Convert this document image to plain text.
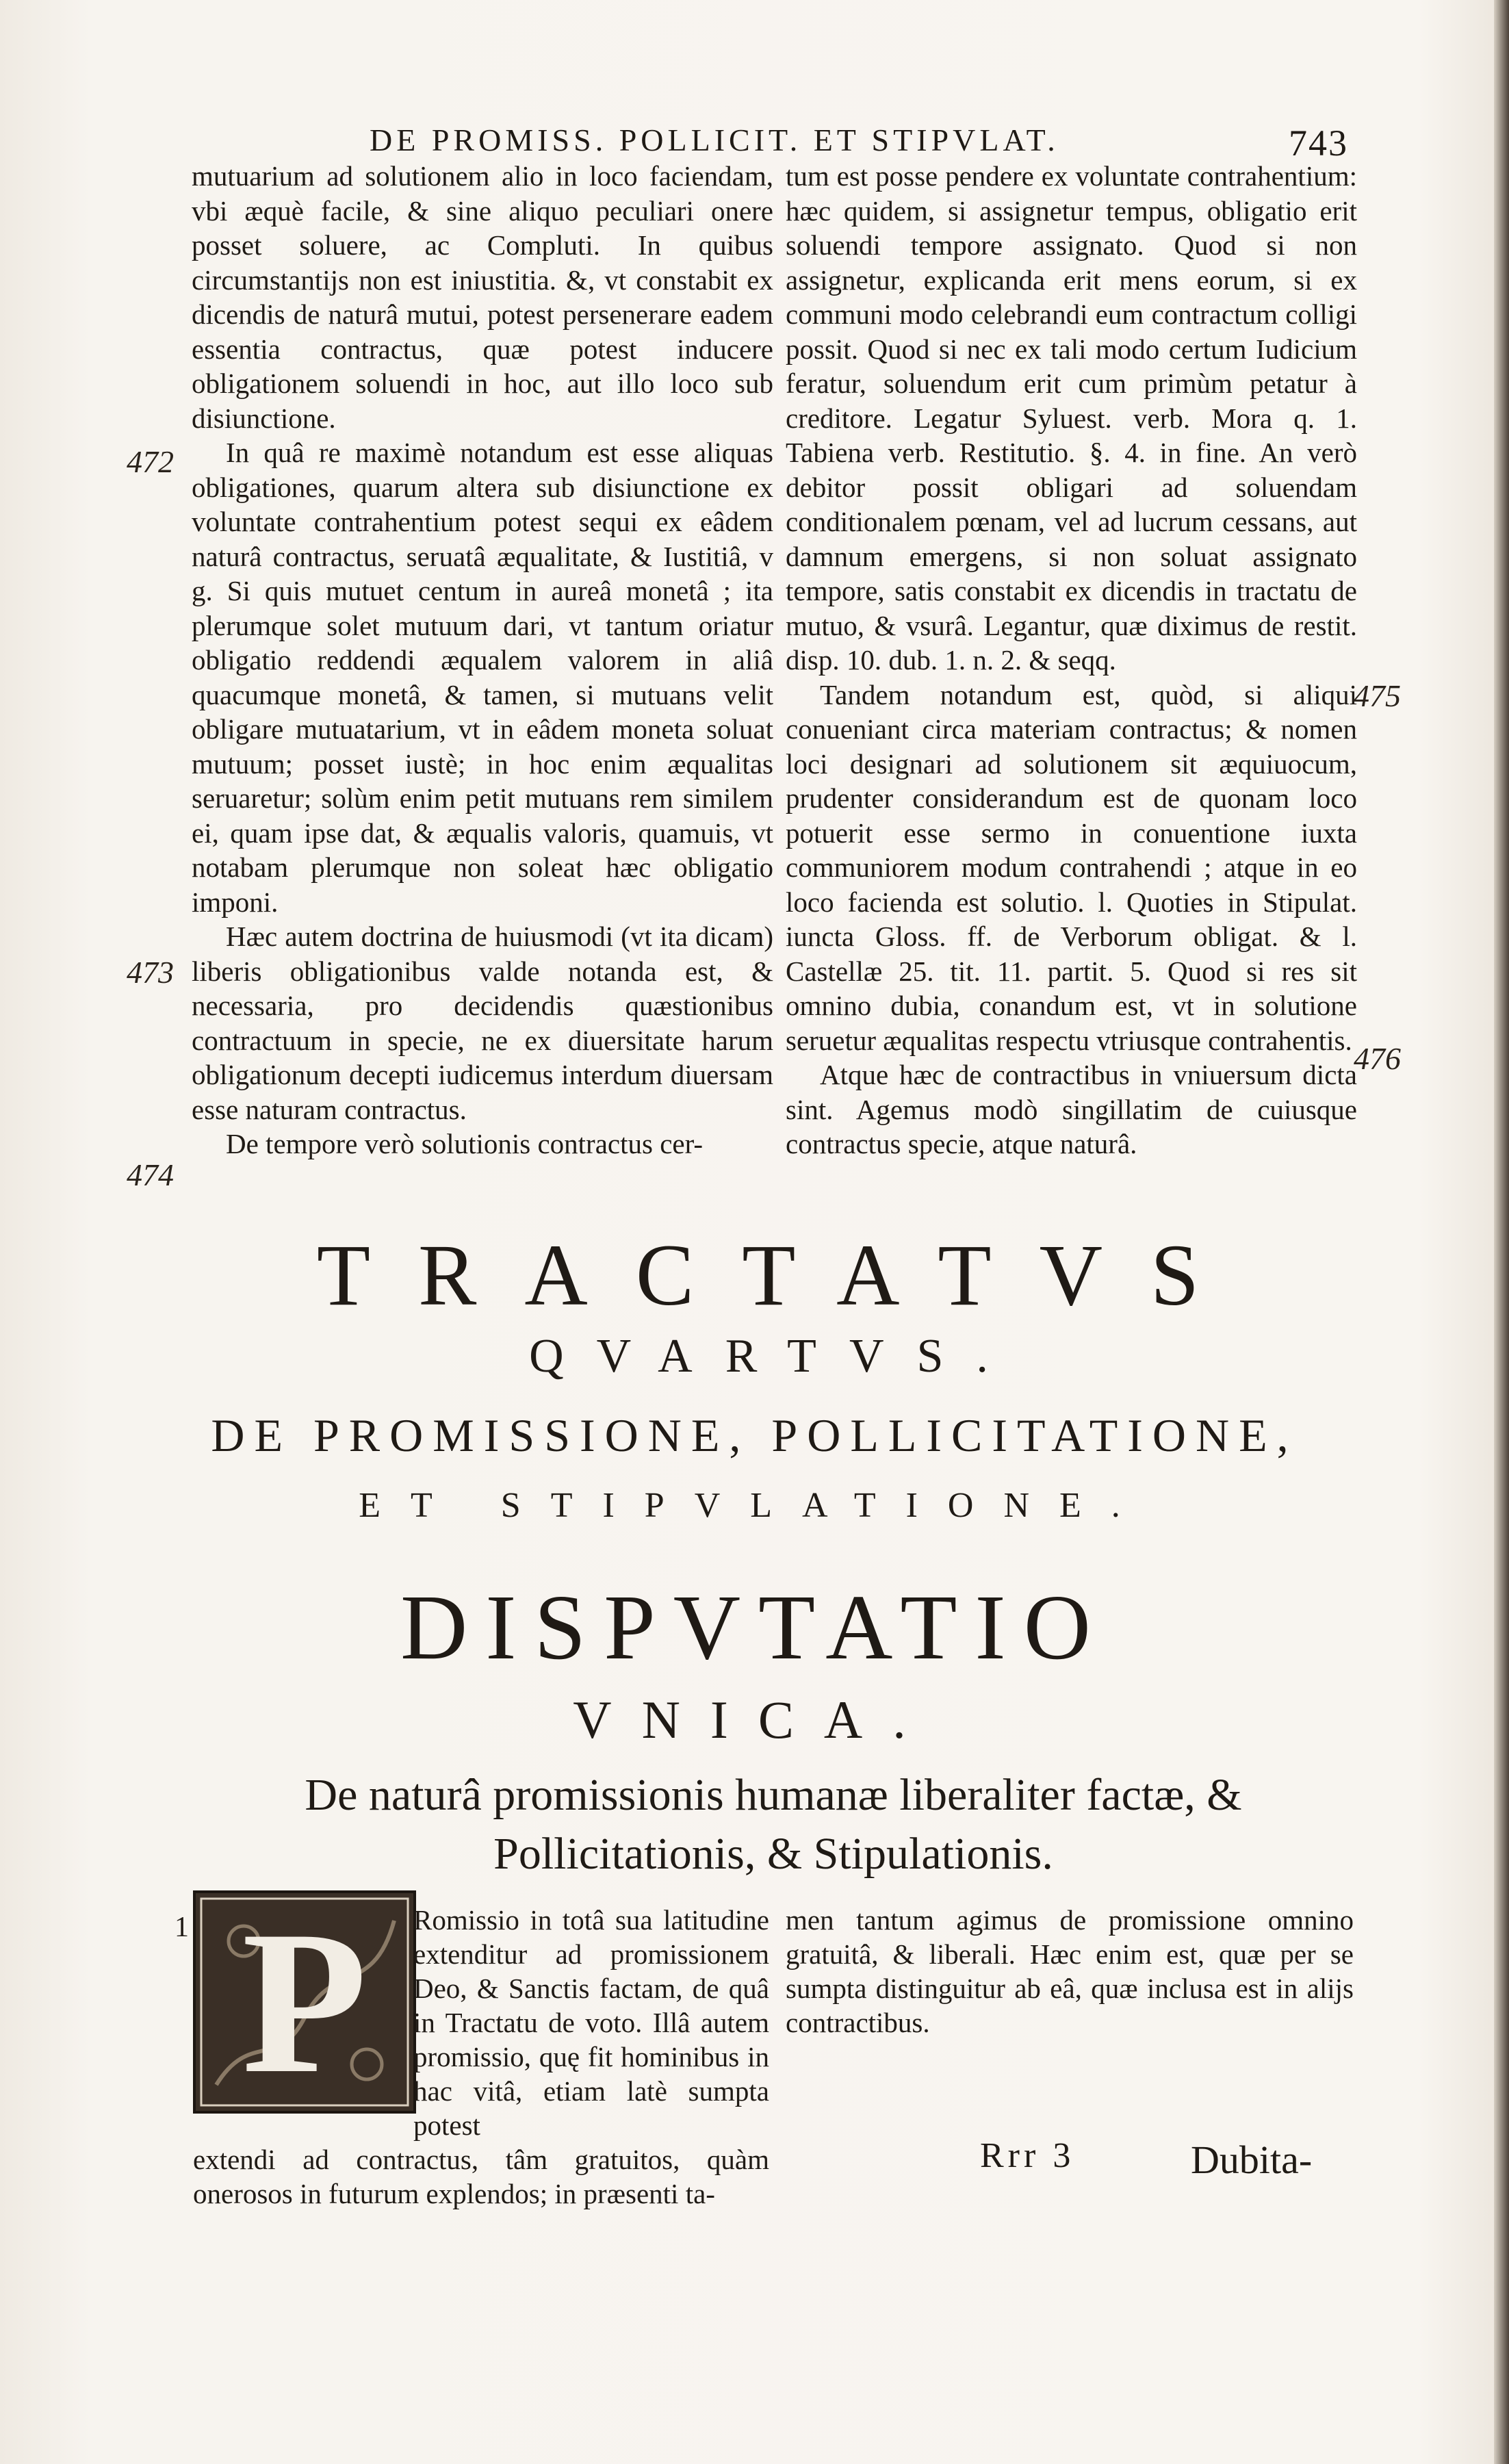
DE PROMISS. POLLICIT. ET STIPVLAT.	743

mutuarium ad solutionem alio in loco faciendam, vbi æquè facile, & sine aliquo peculiari onere posset soluere, ac Compluti. In quibus circumstantijs non est iniustitia. &, vt constabit ex dicendis de naturâ mutui, potest persenerare eadem essentia contractus, quæ potest inducere obligationem soluendi in hoc, aut illo loco sub disiunctione.

In quâ re maximè notandum est esse aliquas obligationes, quarum altera sub disiunctione ex voluntate contrahentium potest sequi ex eâdem naturâ contractus, seruatâ æqualitate, & Iustitiâ, v g. Si quis mutuet centum in aureâ monetâ ; ita plerumque solet mutuum dari, vt tantum oriatur obligatio reddendi æqualem valorem in aliâ quacumque monetâ, & tamen, si mutuans velit obligare mutuatarium, vt in eâdem moneta soluat mutuum; posset iustè; in hoc enim æqualitas seruaretur; solùm enim petit mutuans rem similem ei, quam ipse dat, & æqualis valoris, quamuis, vt notabam plerumque non soleat hæc obligatio imponi.

Hæc autem doctrina de huiusmodi (vt ita dicam) liberis obligationibus valde notanda est, & necessaria, pro decidendis quæstionibus contractuum in specie, ne ex diuersitate harum obligationum decepti iudicemus interdum diuersam esse naturam contractus.

De tempore verò solutionis contractus cer-

tum est posse pendere ex voluntate contrahentium: hæc quidem, si assignetur tempus, obligatio erit soluendi tempore assignato. Quod si non assignetur, explicanda erit mens eorum, si ex communi modo celebrandi eum contractum colligi possit. Quod si nec ex tali modo certum Iudicium feratur, soluendum erit cum primùm petatur à creditore. Legatur Syluest. verb. Mora q. 1. Tabiena verb. Restitutio. §. 4. in fine. An verò debitor possit obligari ad soluendam conditionalem pœnam, vel ad lucrum cessans, aut damnum emergens, si non soluat assignato tempore, satis constabit ex dicendis in tractatu de mutuo, & vsurâ. Legantur, quæ diximus de restit. disp. 10. dub. 1. n. 2. & seqq.

Tandem notandum est, quòd, si aliqui conueniant circa materiam contractus; & nomen loci designari ad solutionem sit æquiuocum, prudenter considerandum est de quonam loco potuerit esse sermo in conuentione iuxta communiorem modum contrahendi ; atque in eo loco facienda est solutio. l. Quoties in Stipulat. iuncta Gloss. ff. de Verborum obligat. & l. Castellæ 25. tit. 11. partit. 5. Quod si res sit omnino dubia, conandum est, vt in solutione seruetur æqualitas respectu vtriusque contrahentis.

Atque hæc de contractibus in vniuersum dicta sint. Agemus modò singillatim de cuiusque contractus specie, atque naturâ.

472
473
474
475
476
TRACTATVS
QVARTVS.
DE PROMISSIONE, POLLICITATIONE,
ET STIPVLATIONE.
DISPVTATIO
VNICA.
De naturâ promissionis humanæ liberaliter factæ, & Pollicitationis, & Stipulationis.
1 P	Romissio in totâ sua latitudine extenditur ad promissionem Deo, & Sanctis factam, de quâ in Tractatu de voto. Illâ autem promissio, quę fit hominibus in hac vitâ, etiam latè sumpta potest
extendi ad contractus, tâm gratuitos, quàm onerosos in futurum explendos; in præsenti ta-
men tantum agimus de promissione omnino gratuitâ, & liberali. Hæc enim est, quæ per se sumpta distinguitur ab eâ, quæ inclusa est in alijs contractibus.
Rrr 3	Dubita-
